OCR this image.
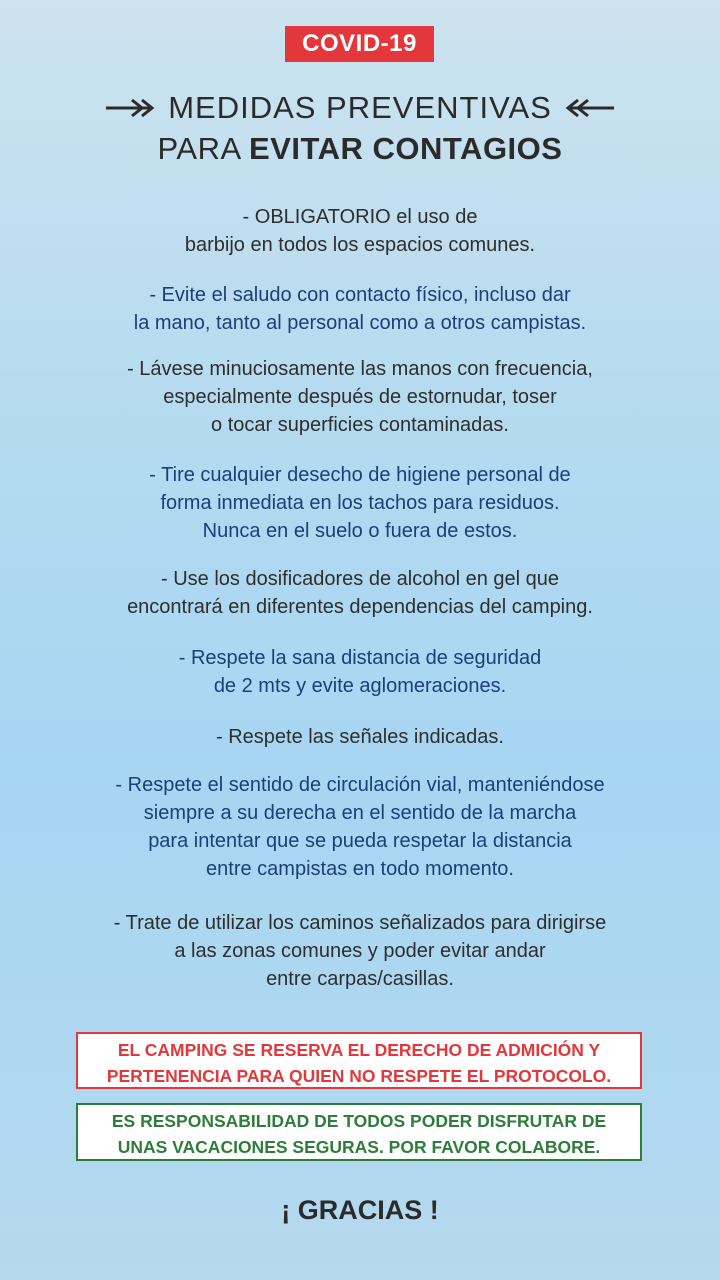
COVID-19
MEDIDAS PREVENTIVAS
PARA EVITAR CONTAGIOS
- OBLIGATORIO el uso de
barbijo en todos los espacios comunes.
- Evite el saludo con contacto físico, incluso dar
la mano, tanto al personal como a otros campistas.
- Lávese minuciosamente las manos con frecuencia,
especialmente después de estornudar, toser
o tocar superficies contaminadas.
- Tire cualquier desecho de higiene personal de
forma inmediata en los tachos para residuos.
Nunca en el suelo o fuera de estos.
- Use los dosificadores de alcohol en gel que
encontrará en diferentes dependencias del camping.
- Respete la sana distancia de seguridad
de 2 mts y evite aglomeraciones.
- Respete las señales indicadas.
- Respete el sentido de circulación vial, manteniéndose
siempre a su derecha en el sentido de la marcha
para intentar que se pueda respetar la distancia
entre campistas en todo momento.
- Trate de utilizar los caminos señalizados para dirigirse
a las zonas comunes y poder evitar andar
entre carpas/casillas.
EL CAMPING SE RESERVA EL DERECHO DE ADMICIÓN Y
PERTENENCIA PARA QUIEN NO RESPETE EL PROTOCOLO.
ES RESPONSABILIDAD DE TODOS PODER DISFRUTAR DE
UNAS VACACIONES SEGURAS. POR FAVOR COLABORE.
¡ GRACIAS !
